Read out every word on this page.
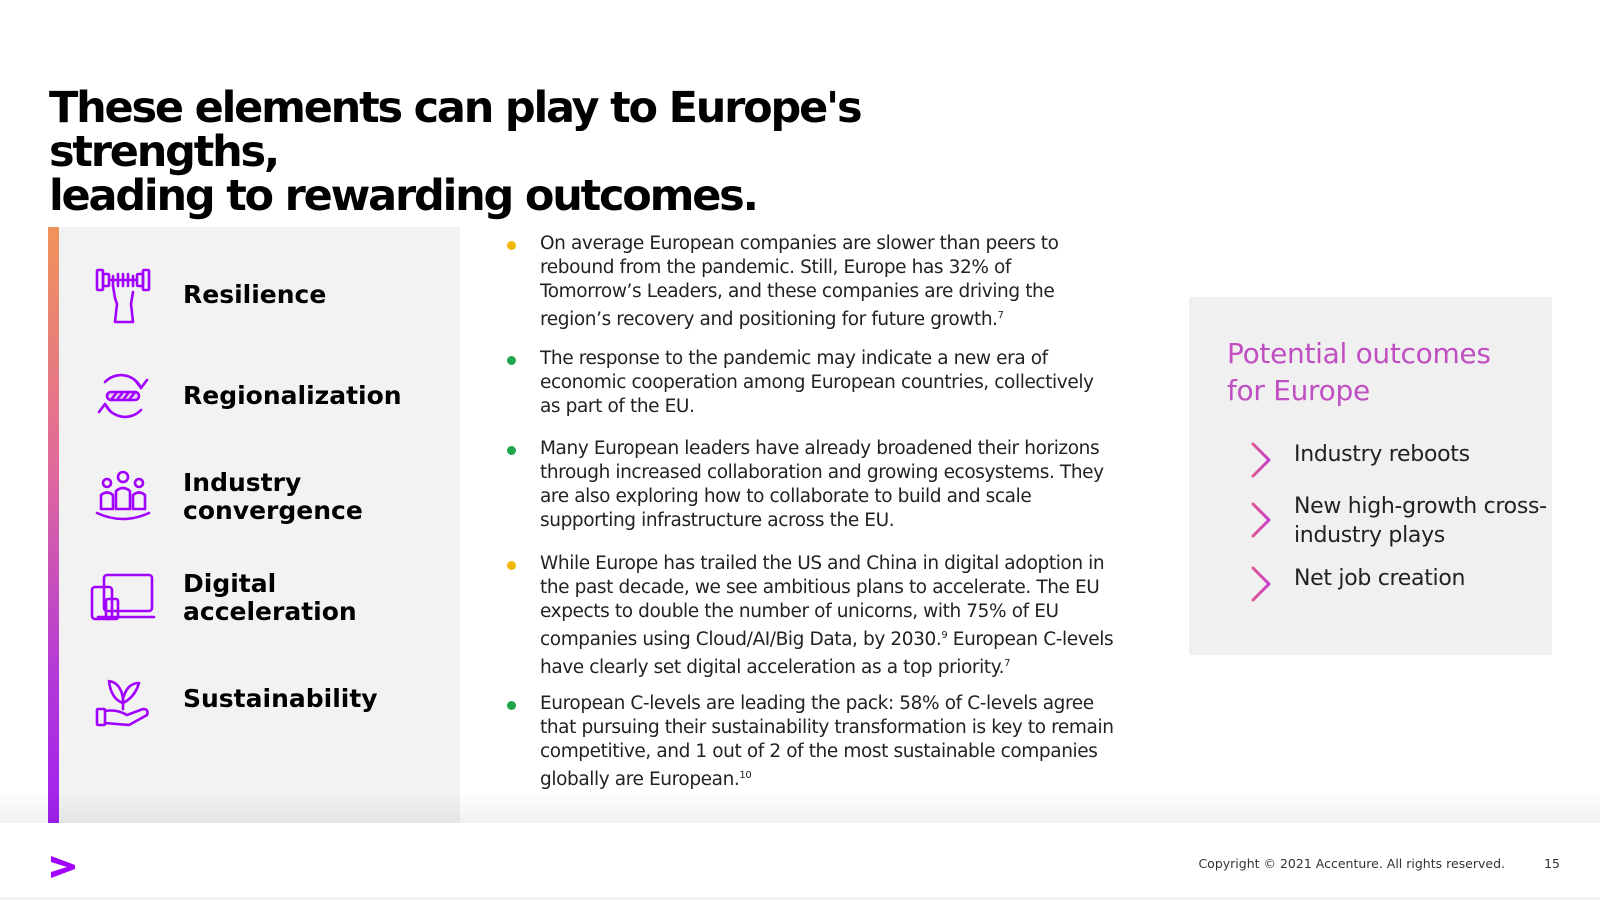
These elements can play to Europe's strengths,
leading to rewarding outcomes.
Resilience
Regionalization
Industry
convergence
Digital
acceleration
Sustainability
On average European companies are slower than peers to rebound from the pandemic. Still, Europe has 32% of Tomorrow’s Leaders, and these companies are driving the region’s recovery and positioning for future growth.$^7$
The response to the pandemic may indicate a new era of economic cooperation among European countries, collectively as part of the EU.
Many European leaders have already broadened their horizons through increased collaboration and growing ecosystems. They are also exploring how to collaborate to build and scale supporting infrastructure across the EU.
While Europe has trailed the US and China in digital adoption in the past decade, we see ambitious plans to accelerate. The EU expects to double the number of unicorns, with 75% of EU companies using Cloud/AI/Big Data, by 2030.$^9$ European C-levels have clearly set digital acceleration as a top priority.$^7$
European C-levels are leading the pack: 58% of C-levels agree that pursuing their sustainability transformation is key to remain competitive, and 1 out of 2 of the most sustainable companies globally are European.$^{10}$
Potential outcomes for Europe
Industry reboots
New high-growth cross-industry plays
Net job creation
Copyright © 2021 Accenture. All rights reserved.	15
